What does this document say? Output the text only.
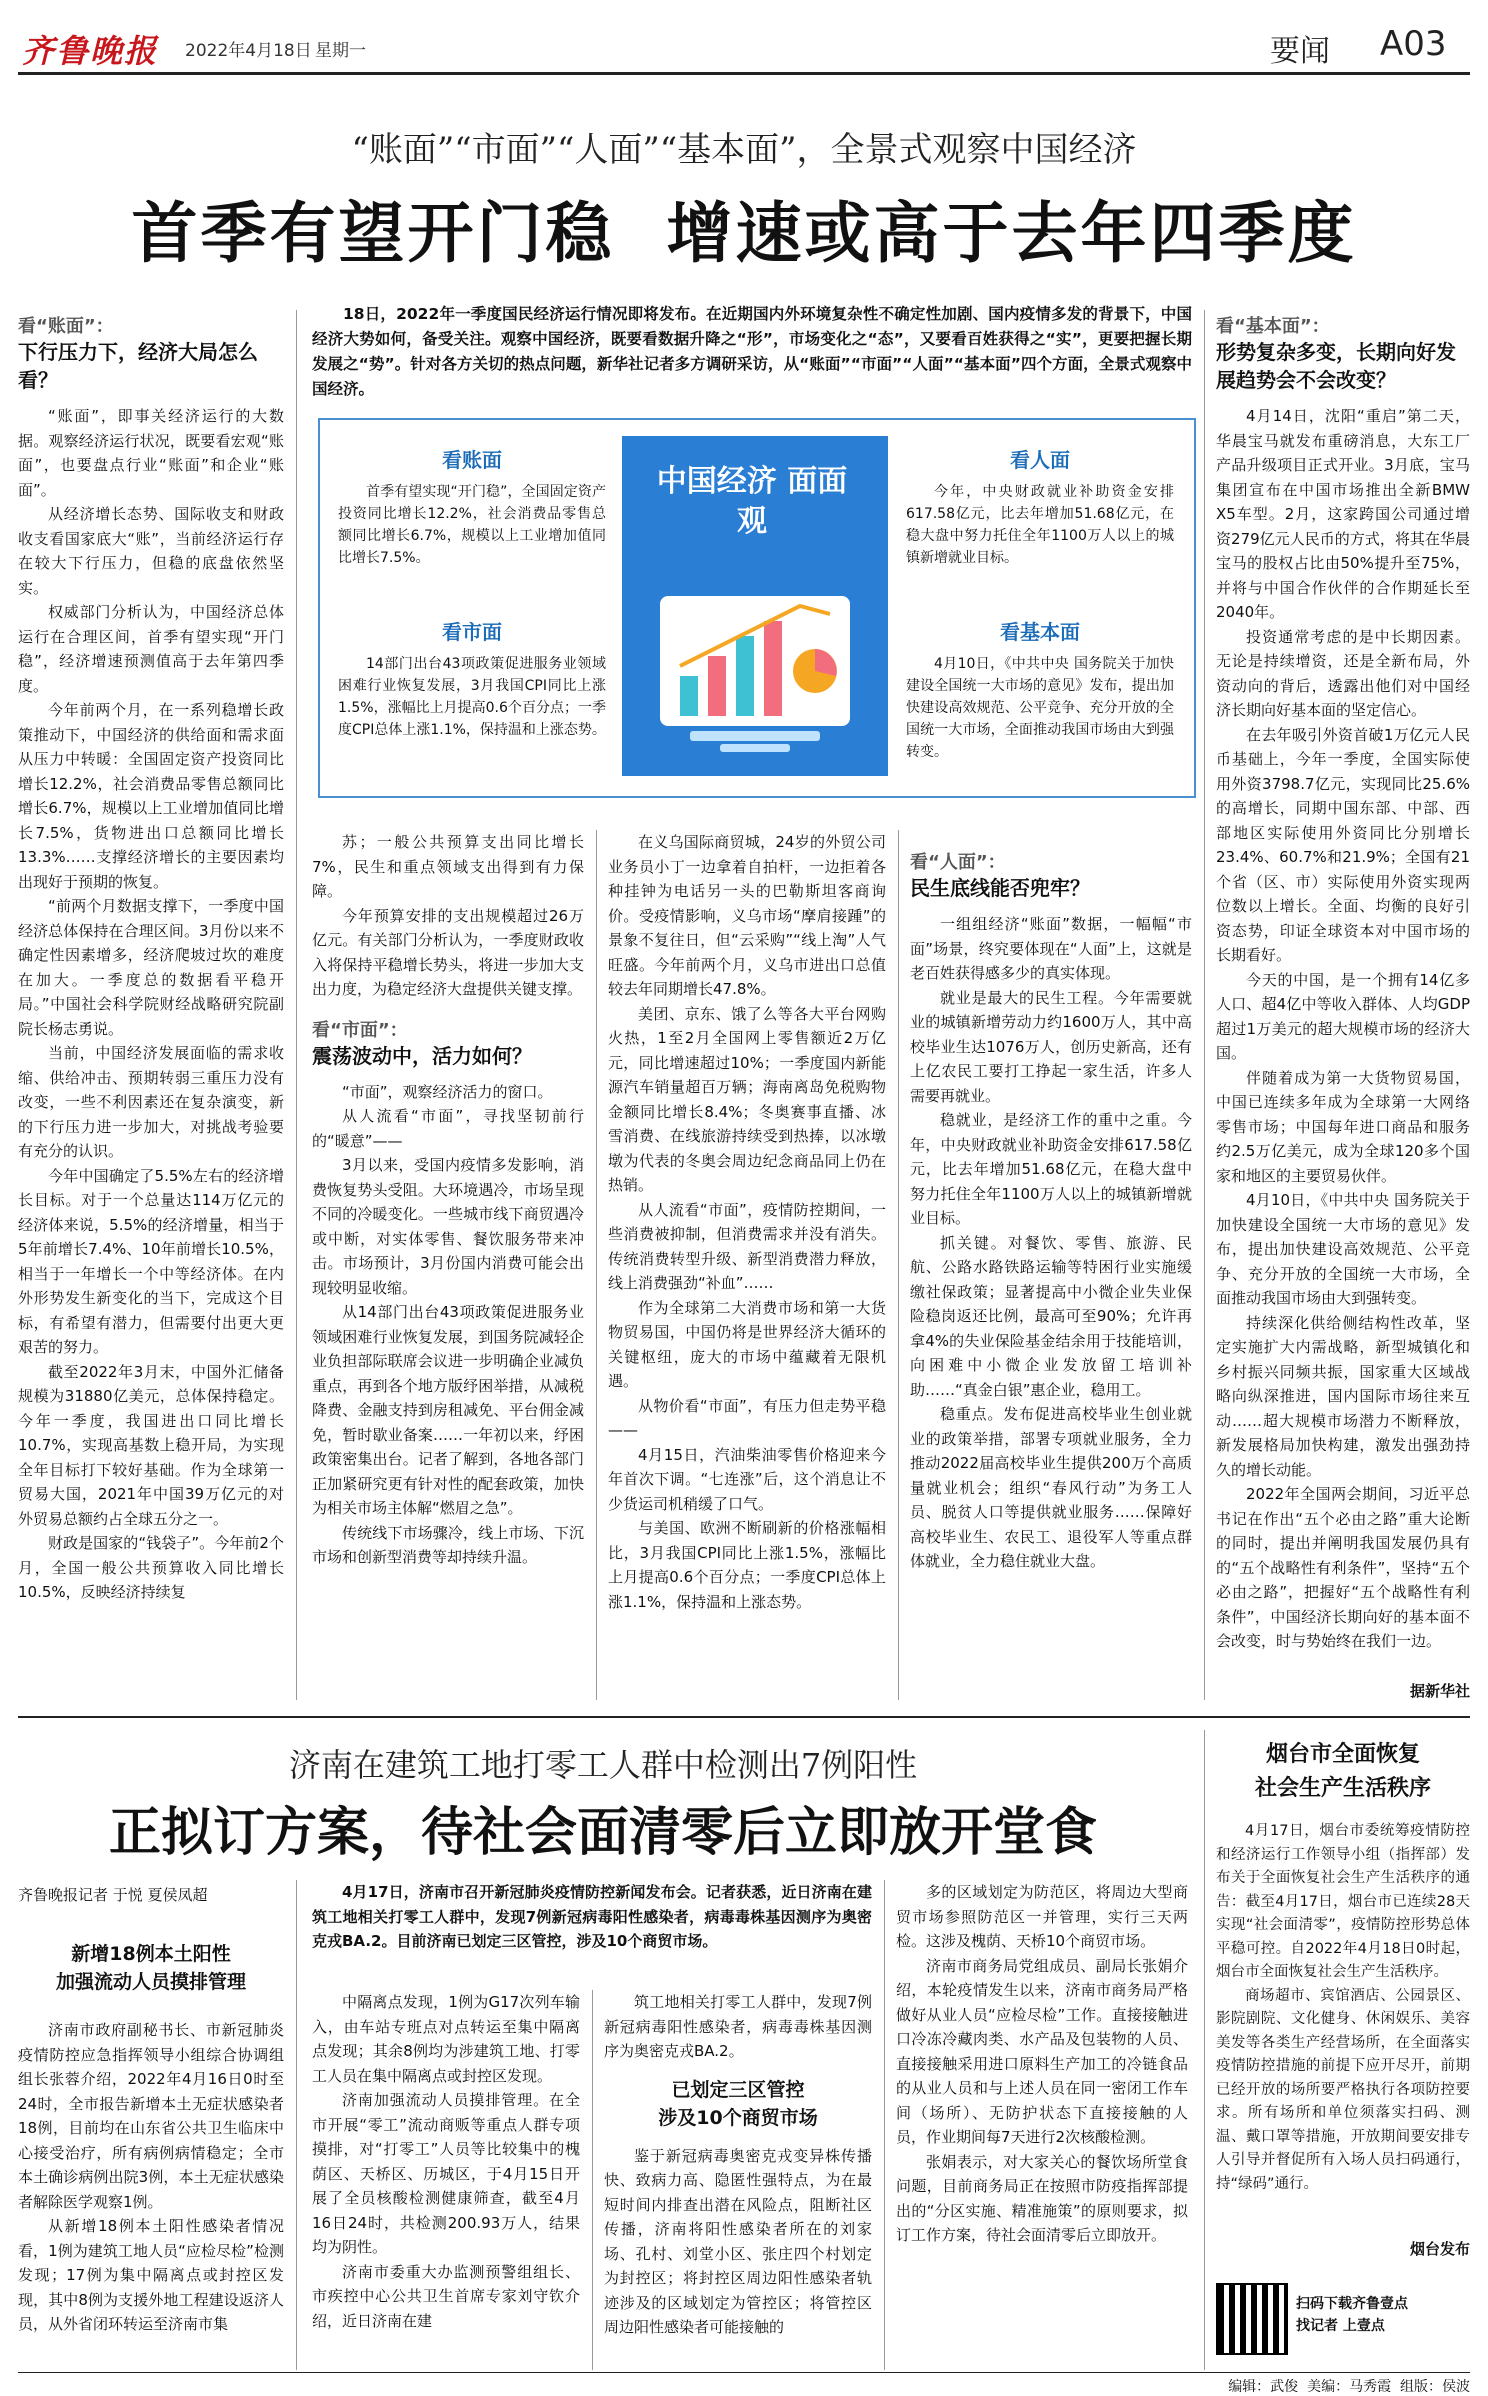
齐鲁晚报 2022年4月18日 星期一	要闻 A03
“账面”“市面”“人面”“基本面”，全景式观察中国经济
首季有望开门稳  增速或高于去年四季度
看“账面”：
下行压力下，经济大局怎么看？

“账面”，即事关经济运行的大数据。观察经济运行状况，既要看宏观“账面”，也要盘点行业“账面”和企业“账面”。

从经济增长态势、国际收支和财政收支看国家底大“账”，当前经济运行存在较大下行压力，但稳的底盘依然坚实。

权威部门分析认为，中国经济总体运行在合理区间，首季有望实现“开门稳”，经济增速预测值高于去年第四季度。

今年前两个月，在一系列稳增长政策推动下，中国经济的供给面和需求面从压力中转暖：全国固定资产投资同比增长12.2%，社会消费品零售总额同比增长6.7%，规模以上工业增加值同比增长7.5%，货物进出口总额同比增长13.3%……支撑经济增长的主要因素均出现好于预期的恢复。

“前两个月数据支撑下，一季度中国经济总体保持在合理区间。3月份以来不确定性因素增多，经济爬坡过坎的难度在加大。一季度总的数据看平稳开局。”中国社会科学院财经战略研究院副院长杨志勇说。

当前，中国经济发展面临的需求收缩、供给冲击、预期转弱三重压力没有改变，一些不利因素还在复杂演变，新的下行压力进一步加大，对挑战考验要有充分的认识。

今年中国确定了5.5%左右的经济增长目标。对于一个总量达114万亿元的经济体来说，5.5%的经济增量，相当于5年前增长7.4%、10年前增长10.5%，相当于一年增长一个中等经济体。在内外形势发生新变化的当下，完成这个目标，有希望有潜力，但需要付出更大更艰苦的努力。

截至2022年3月末，中国外汇储备规模为31880亿美元，总体保持稳定。今年一季度，我国进出口同比增长10.7%，实现高基数上稳开局，为实现全年目标打下较好基础。作为全球第一贸易大国，2021年中国39万亿元的对外贸易总额约占全球五分之一。

财政是国家的“钱袋子”。今年前2个月，全国一般公共预算收入同比增长10.5%，反映经济持续复

18日，2022年一季度国民经济运行情况即将发布。在近期国内外环境复杂性不确定性加剧、国内疫情多发的背景下，中国经济大势如何，备受关注。观察中国经济，既要看数据升降之“形”，市场变化之“态”，又要看百姓获得之“实”，更要把握长期发展之“势”。针对各方关切的热点问题，新华社记者多方调研采访，从“账面”“市面”“人面”“基本面”四个方面，全景式观察中国经济。

看账面

首季有望实现“开门稳”，全国固定资产投资同比增长12.2%，社会消费品零售总额同比增长6.7%，规模以上工业增加值同比增长7.5%。

看市面

14部门出台43项政策促进服务业领域困难行业恢复发展，3月我国CPI同比上涨1.5%，涨幅比上月提高0.6个百分点；一季度CPI总体上涨1.1%，保持温和上涨态势。

中国经济 面面观
看人面

今年，中央财政就业补助资金安排617.58亿元，比去年增加51.68亿元，在稳大盘中努力托住全年1100万人以上的城镇新增就业目标。

看基本面

4月10日，《中共中央 国务院关于加快建设全国统一大市场的意见》发布，提出加快建设高效规范、公平竞争、充分开放的全国统一大市场，全面推动我国市场由大到强转变。

苏；一般公共预算支出同比增长7%，民生和重点领域支出得到有力保障。

今年预算安排的支出规模超过26万亿元。有关部门分析认为，一季度财政收入将保持平稳增长势头，将进一步加大支出力度，为稳定经济大盘提供关键支撑。

看“市面”：
震荡波动中，活力如何？

“市面”，观察经济活力的窗口。

从人流看“市面”，寻找坚韧前行的“暖意”——

3月以来，受国内疫情多发影响，消费恢复势头受阻。大环境遇冷，市场呈现不同的冷暖变化。一些城市线下商贸遇冷或中断，对实体零售、餐饮服务带来冲击。市场预计，3月份国内消费可能会出现较明显收缩。

从14部门出台43项政策促进服务业领域困难行业恢复发展，到国务院减轻企业负担部际联席会议进一步明确企业减负重点，再到各个地方版纾困举措，从减税降费、金融支持到房租减免、平台佣金减免，暂时歇业备案……一年初以来，纾困政策密集出台。记者了解到，各地各部门正加紧研究更有针对性的配套政策，加快为相关市场主体解“燃眉之急”。

传统线下市场骤冷，线上市场、下沉市场和创新型消费等却持续升温。

在义乌国际商贸城，24岁的外贸公司业务员小丁一边拿着自拍杆，一边拒着各种挂钟为电话另一头的巴勒斯坦客商询价。受疫情影响，义乌市场“摩肩接踵”的景象不复往日，但“云采购”“线上淘”人气旺盛。今年前两个月，义乌市进出口总值较去年同期增长47.8%。

美团、京东、饿了么等各大平台网购火热，1至2月全国网上零售额近2万亿元，同比增速超过10%；一季度国内新能源汽车销量超百万辆；海南离岛免税购物金额同比增长8.4%；冬奥赛事直播、冰雪消费、在线旅游持续受到热捧，以冰墩墩为代表的冬奥会周边纪念商品同上仍在热销。

从人流看“市面”，疫情防控期间，一些消费被抑制，但消费需求并没有消失。传统消费转型升级、新型消费潜力释放，线上消费强劲“补血”……

作为全球第二大消费市场和第一大货物贸易国，中国仍将是世界经济大循环的关键枢纽，庞大的市场中蕴藏着无限机遇。

从物价看“市面”，有压力但走势平稳——

4月15日，汽油柴油零售价格迎来今年首次下调。“七连涨”后，这个消息让不少货运司机稍缓了口气。

与美国、欧洲不断刷新的价格涨幅相比，3月我国CPI同比上涨1.5%，涨幅比上月提高0.6个百分点；一季度CPI总体上涨1.1%，保持温和上涨态势。

看“人面”：
民生底线能否兜牢？

一组组经济“账面”数据，一幅幅“市面”场景，终究要体现在“人面”上，这就是老百姓获得感多少的真实体现。

就业是最大的民生工程。今年需要就业的城镇新增劳动力约1600万人，其中高校毕业生达1076万人，创历史新高，还有上亿农民工要打工挣起一家生活，许多人需要再就业。

稳就业，是经济工作的重中之重。今年，中央财政就业补助资金安排617.58亿元，比去年增加51.68亿元，在稳大盘中努力托住全年1100万人以上的城镇新增就业目标。

抓关键。对餐饮、零售、旅游、民航、公路水路铁路运输等特困行业实施缓缴社保政策；显著提高中小微企业失业保险稳岗返还比例，最高可至90%；允许再拿4%的失业保险基金结余用于技能培训，向困难中小微企业发放留工培训补助……“真金白银”惠企业，稳用工。

稳重点。发布促进高校毕业生创业就业的政策举措，部署专项就业服务，全力推动2022届高校毕业生提供200万个高质量就业机会；组织“春风行动”为务工人员、脱贫人口等提供就业服务……保障好高校毕业生、农民工、退役军人等重点群体就业，全力稳住就业大盘。

看“基本面”：
形势复杂多变，长期向好发展趋势会不会改变？

4月14日，沈阳“重启”第二天，华晨宝马就发布重磅消息，大东工厂产品升级项目正式开业。3月底，宝马集团宣布在中国市场推出全新BMW X5车型。2月，这家跨国公司通过增资279亿元人民币的方式，将其在华晨宝马的股权占比由50%提升至75%，并将与中国合作伙伴的合作期延长至2040年。

投资通常考虑的是中长期因素。无论是持续增资，还是全新布局，外资动向的背后，透露出他们对中国经济长期向好基本面的坚定信心。

在去年吸引外资首破1万亿元人民币基础上，今年一季度，全国实际使用外资3798.7亿元，实现同比25.6%的高增长，同期中国东部、中部、西部地区实际使用外资同比分别增长23.4%、60.7%和21.9%；全国有21个省（区、市）实际使用外资实现两位数以上增长。全面、均衡的良好引资态势，印证全球资本对中国市场的长期看好。

今天的中国，是一个拥有14亿多人口、超4亿中等收入群体、人均GDP超过1万美元的超大规模市场的经济大国。

伴随着成为第一大货物贸易国，中国已连续多年成为全球第一大网络零售市场；中国每年进口商品和服务约2.5万亿美元，成为全球120多个国家和地区的主要贸易伙伴。

4月10日，《中共中央 国务院关于加快建设全国统一大市场的意见》发布，提出加快建设高效规范、公平竞争、充分开放的全国统一大市场，全面推动我国市场由大到强转变。

持续深化供给侧结构性改革，坚定实施扩大内需战略，新型城镇化和乡村振兴同频共振，国家重大区域战略向纵深推进，国内国际市场往来互动……超大规模市场潜力不断释放，新发展格局加快构建，激发出强劲持久的增长动能。

2022年全国两会期间，习近平总书记在作出“五个必由之路”重大论断的同时，提出并阐明我国发展仍具有的“五个战略性有利条件”，坚持“五个必由之路”，把握好“五个战略性有利条件”，中国经济长期向好的基本面不会改变，时与势始终在我们一边。

据新华社
济南在建筑工地打零工人群中检测出7例阳性
正拟订方案，待社会面清零后立即放开堂食
齐鲁晚报记者 于悦 夏侯凤超
新增18例本土阳性
加强流动人员摸排管理

济南市政府副秘书长、市新冠肺炎疫情防控应急指挥领导小组综合协调组组长张蓉介绍，2022年4月16日0时至24时，全市报告新增本土无症状感染者18例，目前均在山东省公共卫生临床中心接受治疗，所有病例病情稳定；全市本土确诊病例出院3例，本土无症状感染者解除医学观察1例。

从新增18例本土阳性感染者情况看，1例为建筑工地人员“应检尽检”检测发现；17例为集中隔离点或封控区发现，其中8例为支援外地工程建设返济人员，从外省闭环转运至济南市集

4月17日，济南市召开新冠肺炎疫情防控新闻发布会。记者获悉，近日济南在建筑工地相关打零工人群中，发现7例新冠病毒阳性感染者，病毒毒株基因测序为奥密克戎BA.2。目前济南已划定三区管控，涉及10个商贸市场。

中隔离点发现，1例为G17次列车输入，由车站专班点对点转运至集中隔离点发现；其余8例均为涉建筑工地、打零工人员在集中隔离点或封控区发现。

济南加强流动人员摸排管理。在全市开展“零工”流动商贩等重点人群专项摸排，对“打零工”人员等比较集中的槐荫区、天桥区、历城区，于4月15日开展了全员核酸检测健康筛查，截至4月16日24时，共检测200.93万人，结果均为阴性。

济南市委重大办监测预警组组长、市疾控中心公共卫生首席专家刘守钦介绍，近日济南在建

筑工地相关打零工人群中，发现7例新冠病毒阳性感染者，病毒毒株基因测序为奥密克戎BA.2。

已划定三区管控
涉及10个商贸市场

鉴于新冠病毒奥密克戎变异株传播快、致病力高、隐匿性强特点，为在最短时间内排查出潜在风险点，阻断社区传播，济南将阳性感染者所在的刘家场、孔村、刘堂小区、张庄四个村划定为封控区；将封控区周边阳性感染者轨迹涉及的区域划定为管控区；将管控区周边阳性感染者可能接触的

多的区域划定为防范区，将周边大型商贸市场参照防范区一并管理，实行三天两检。这涉及槐荫、天桥10个商贸市场。

济南市商务局党组成员、副局长张娟介绍，本轮疫情发生以来，济南市商务局严格做好从业人员“应检尽检”工作。直接接触进口冷冻冷藏肉类、水产品及包装物的人员、直接接触采用进口原料生产加工的冷链食品的从业人员和与上述人员在同一密闭工作车间（场所）、无防护状态下直接接触的人员，作业期间每7天进行2次核酸检测。

张娟表示，对大家关心的餐饮场所堂食问题，目前商务局正在按照市防疫指挥部提出的“分区实施、精准施策”的原则要求，拟订工作方案，待社会面清零后立即放开。

烟台市全面恢复
社会生产生活秩序

4月17日，烟台市委统筹疫情防控和经济运行工作领导小组（指挥部）发布关于全面恢复社会生产生活秩序的通告：截至4月17日，烟台市已连续28天实现“社会面清零”，疫情防控形势总体平稳可控。自2022年4月18日0时起，烟台市全面恢复社会生产生活秩序。

商场超市、宾馆酒店、公园景区、影院剧院、文化健身、休闲娱乐、美容美发等各类生产经营场所，在全面落实疫情防控措施的前提下应开尽开，前期已经开放的场所要严格执行各项防控要求。所有场所和单位须落实扫码、测温、戴口罩等措施，开放期间要安排专人引导并督促所有入场人员扫码通行，持“绿码”通行。

烟台发布
扫码下载齐鲁壹点
找记者 上壹点
编辑：武俊  美编：马秀霞  组版：侯波
